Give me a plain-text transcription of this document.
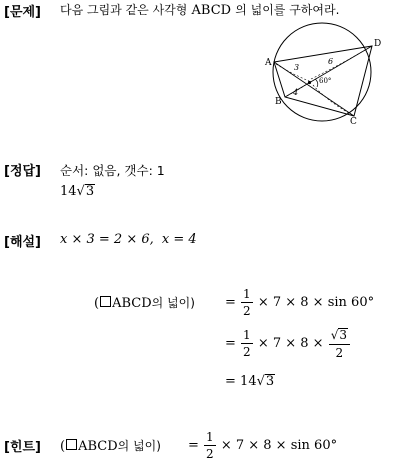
[문제] 다음 그림과 같은 사각형 ABCD 의 넓이를 구하여라.
A
B
C
D
3
6
4
60°
[정답] 순서: 없음, 갯수: 1
14√3
[해설] x × 3 = 2 × 6, x = 4
( ABCD의 넓이) = $\frac{1}{2} \times 7 \times 8 \times \sin 60^\circ$
= $\frac{1}{2} \times 7 \times 8 \times \frac{√3}{2}$
= 14√3
[힌트] ( ABCD의 넓이) = $\frac{1}{2} \times 7 \times 8 \times \sin 60^\circ$
